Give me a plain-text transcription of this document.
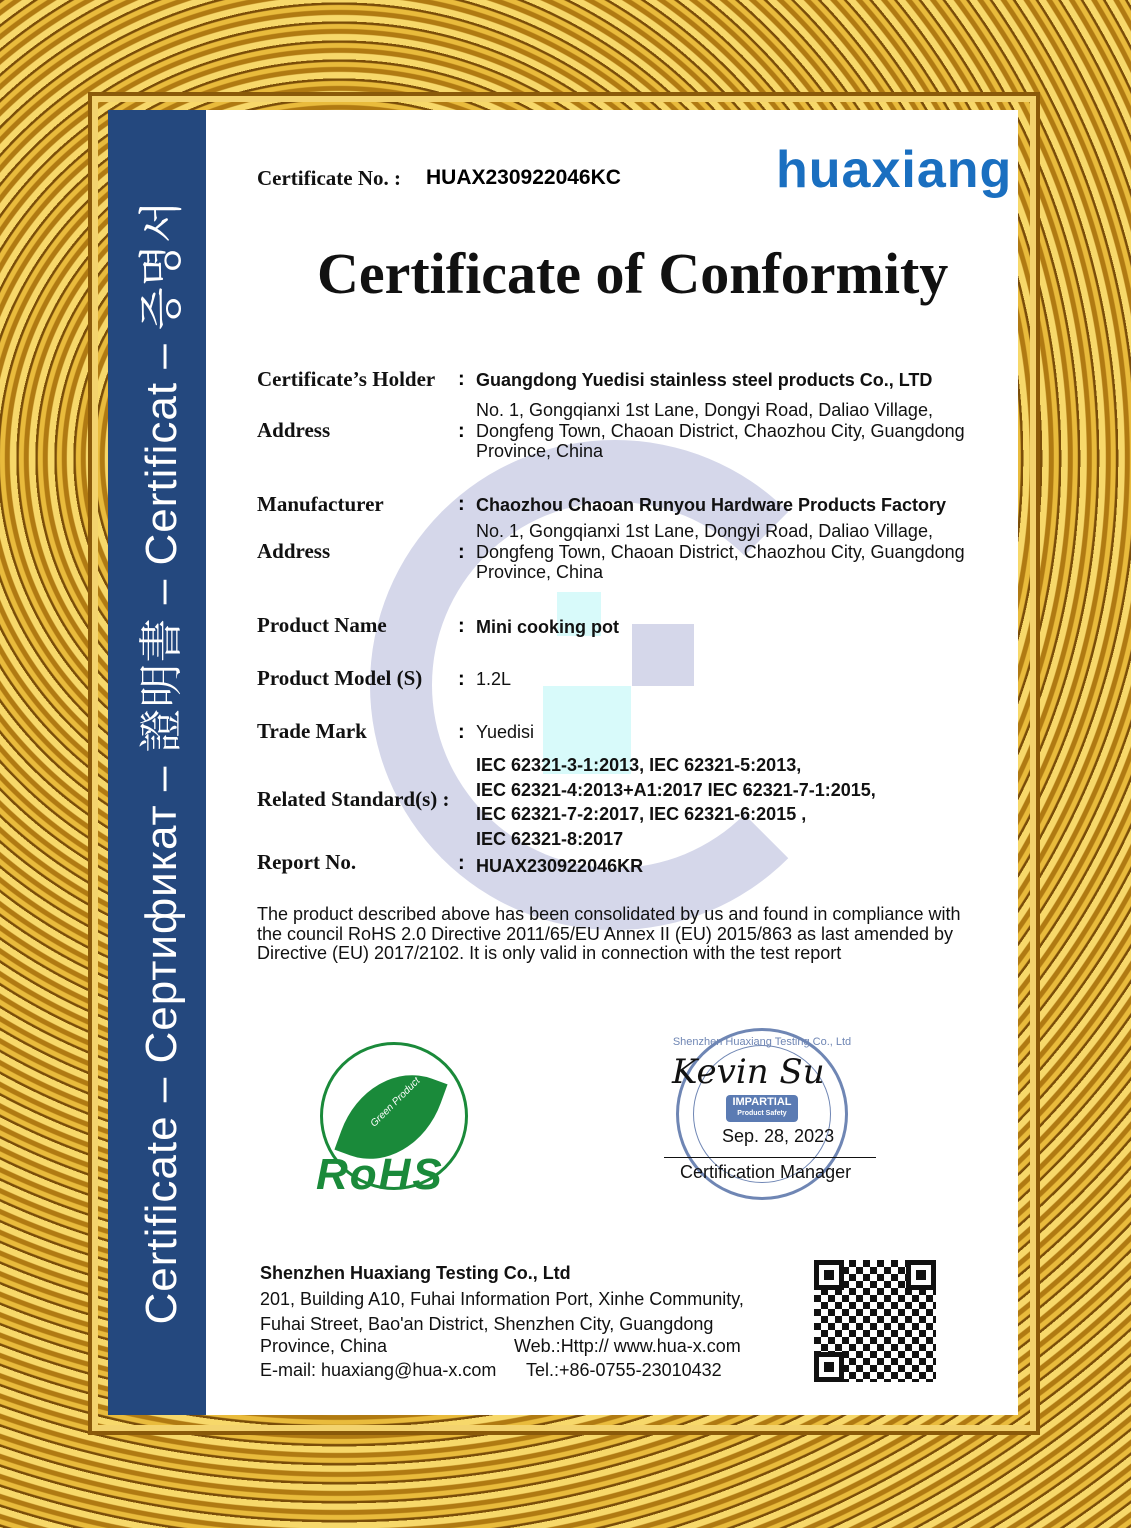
Certificate – Сертификат – 證明書 – Certificat – 증명서
Certificate No. : HUAX230922046KC	huaxiang
Certificate of Conformity
Certificate’s Holder : Guangdong Yuedisi stainless steel products Co., LTD
Address	:
No. 1, Gongqianxi 1st Lane, Dongyi Road, Daliao Village,
Dongfeng Town, Chaoan District, Chaozhou City, Guangdong
Province, China
Manufacturer	: Chaozhou Chaoan Runyou Hardware Products Factory
Address	:
No. 1, Gongqianxi 1st Lane, Dongyi Road, Daliao Village,
Dongfeng Town, Chaoan District, Chaozhou City, Guangdong
Province, China
Product Name	: Mini cooking pot
Product Model (S) : 1.2L
Trade Mark	: Yuedisi
Related Standard(s) :
IEC 62321-3-1:2013, IEC 62321-5:2013,
IEC 62321-4:2013+A1:2017 IEC 62321-7-1:2015,
IEC 62321-7-2:2017, IEC 62321-6:2015 ,
IEC 62321-8:2017
Report No.	: HUAX230922046KR
The product described above has been consolidated by us and found in compliance with
the council RoHS 2.0 Directive 2011/65/EU Annex II (EU) 2015/863 as last amended by
Directive (EU) 2017/2102. It is only valid in connection with the test report
Green Product
RoHS
Shenzhen Huaxiang Testing Co., Ltd
Kevin Su
IMPARTIAL
Product Safety
Sep. 28, 2023
Certification Manager
Shenzhen Huaxiang Testing Co., Ltd
201, Building A10, Fuhai Information Port, Xinhe Community,
Fuhai Street, Bao'an District, Shenzhen City, Guangdong
Province, China	Web.:Http:// www.hua-x.com
E-mail: huaxiang@hua-x.com Tel.:+86-0755-23010432
